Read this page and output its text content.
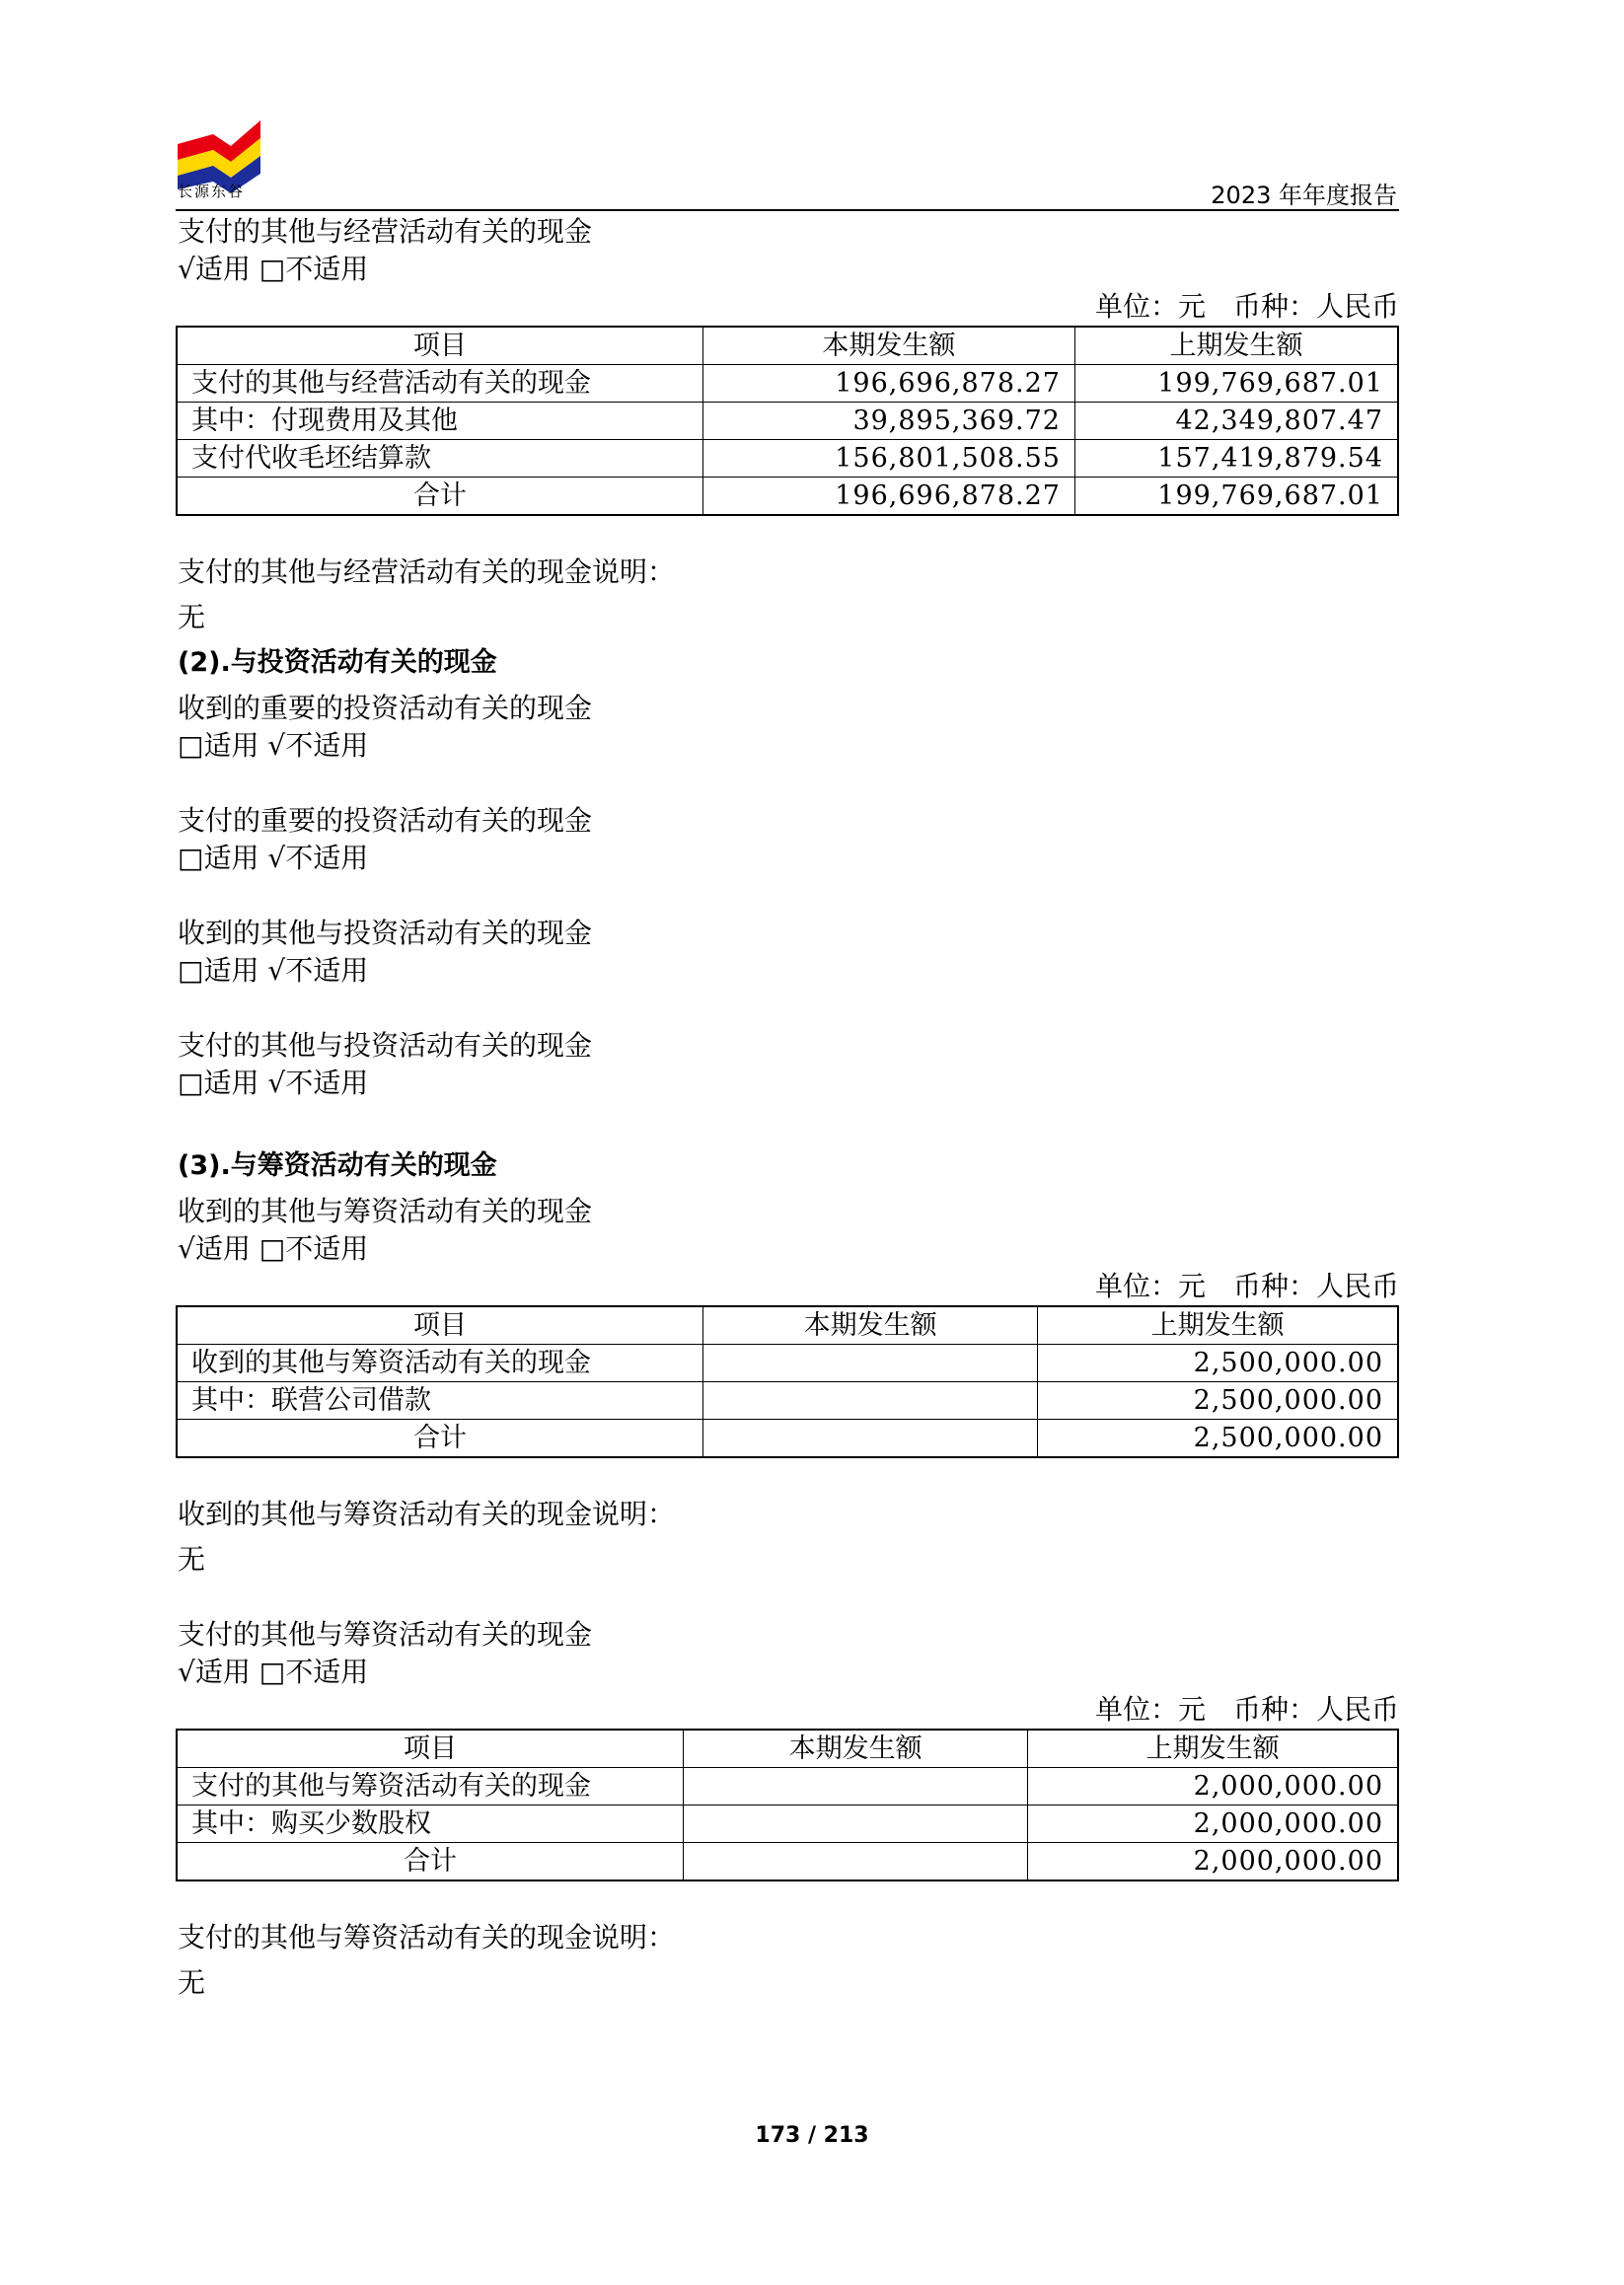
长源东谷	2023 年年度报告
支付的其他与经营活动有关的现金
√适用 □不适用
单位：元　币种：人民币
项目	本期发生额	上期发生额
支付的其他与经营活动有关的现金	196,696,878.27	199,769,687.01
其中：付现费用及其他	39,895,369.72	42,349,807.47
支付代收毛坯结算款	156,801,508.55	157,419,879.54
合计	196,696,878.27	199,769,687.01
支付的其他与经营活动有关的现金说明：
无
(2).与投资活动有关的现金
收到的重要的投资活动有关的现金
□适用 √不适用
支付的重要的投资活动有关的现金
□适用 √不适用
收到的其他与投资活动有关的现金
□适用 √不适用
支付的其他与投资活动有关的现金
□适用 √不适用
(3).与筹资活动有关的现金
收到的其他与筹资活动有关的现金
√适用 □不适用
单位：元　币种：人民币
项目	本期发生额	上期发生额
收到的其他与筹资活动有关的现金		2,500,000.00
其中：联营公司借款		2,500,000.00
合计		2,500,000.00
收到的其他与筹资活动有关的现金说明：
无
支付的其他与筹资活动有关的现金
√适用 □不适用
单位：元　币种：人民币
项目	本期发生额	上期发生额
支付的其他与筹资活动有关的现金		2,000,000.00
其中：购买少数股权		2,000,000.00
合计		2,000,000.00
支付的其他与筹资活动有关的现金说明：
无
173 / 213
